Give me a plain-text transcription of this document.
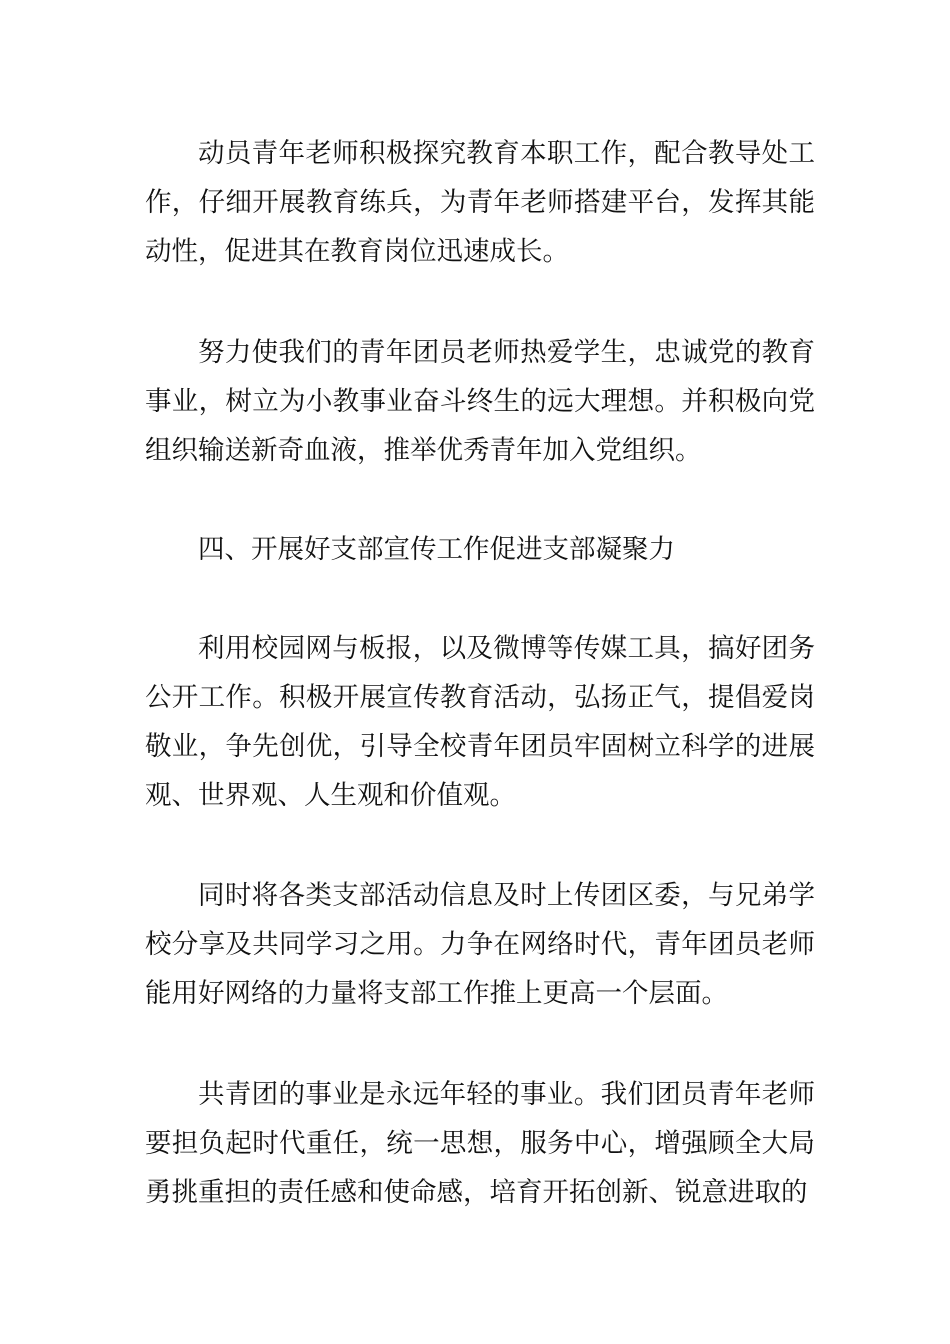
动员青年老师积极探究教育本职工作，配合教导处工作，仔细开展教育练兵，为青年老师搭建平台，发挥其能动性，促进其在教育岗位迅速成长。

努力使我们的青年团员老师热爱学生，忠诚党的教育事业，树立为小教事业奋斗终生的远大理想。并积极向党组织输送新奇血液，推举优秀青年加入党组织。

四、开展好支部宣传工作促进支部凝聚力

利用校园网与板报，以及微博等传媒工具，搞好团务公开工作。积极开展宣传教育活动，弘扬正气，提倡爱岗敬业，争先创优，引导全校青年团员牢固树立科学的进展观、世界观、人生观和价值观。

同时将各类支部活动信息及时上传团区委，与兄弟学校分享及共同学习之用。力争在网络时代，青年团员老师能用好网络的力量将支部工作推上更高一个层面。

共青团的事业是永远年轻的事业。我们团员青年老师要担负起时代重任，统一思想，服务中心，增强顾全大局勇挑重担的责任感和使命感，培育开拓创新、锐意进取的
